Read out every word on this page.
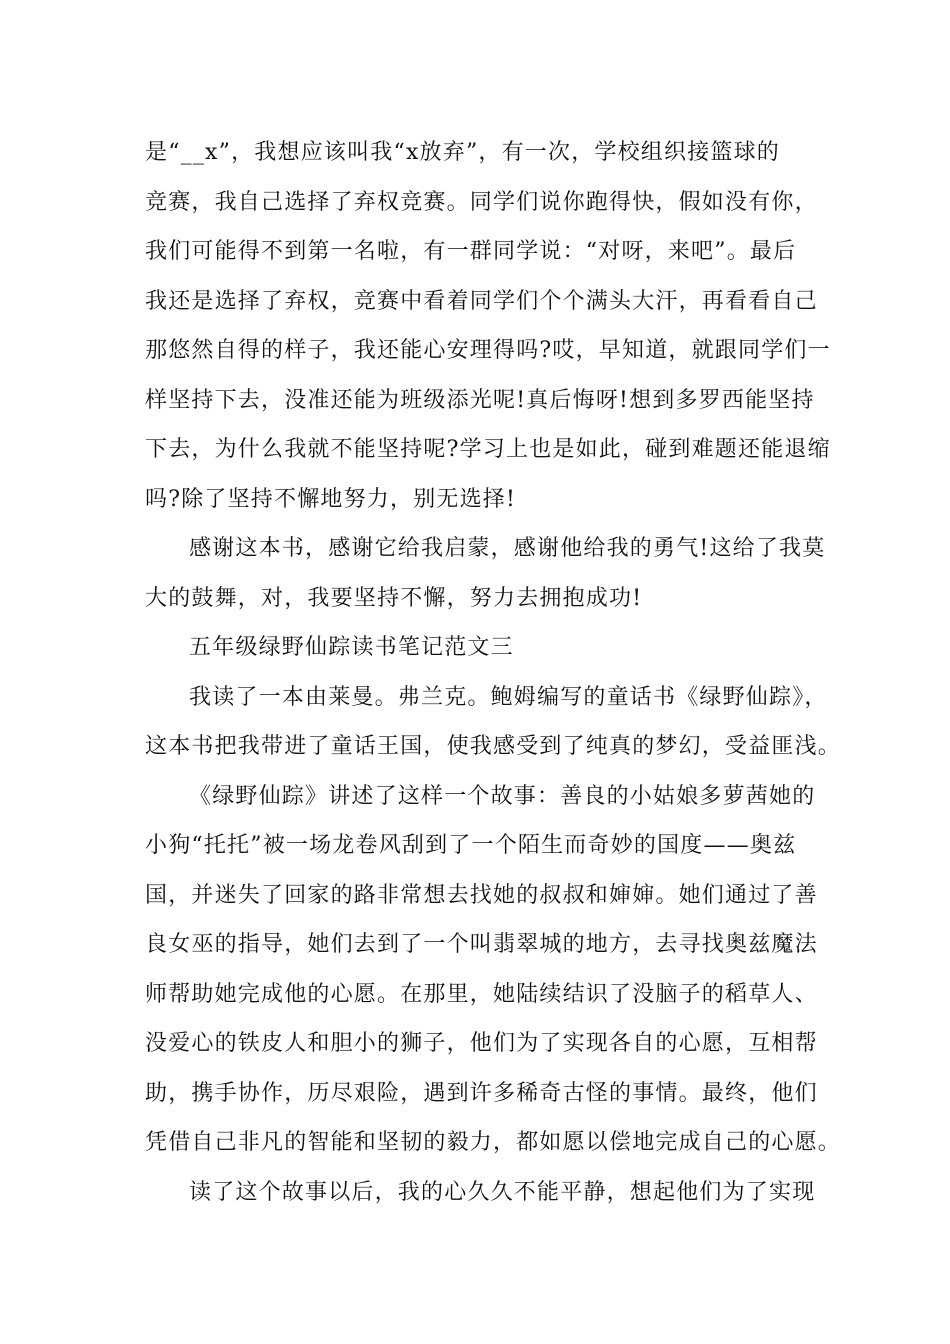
是“__x”，我想应该叫我“x放弃”，有一次，学校组织接篮球的
竞赛，我自己选择了弃权竞赛。同学们说你跑得快，假如没有你，
我们可能得不到第一名啦，有一群同学说：“对呀，来吧”。最后
我还是选择了弃权，竞赛中看着同学们个个满头大汗，再看看自己
那悠然自得的样子，我还能心安理得吗?哎，早知道，就跟同学们一
样坚持下去，没准还能为班级添光呢!真后悔呀!想到多罗西能坚持
下去，为什么我就不能坚持呢?学习上也是如此，碰到难题还能退缩
吗?除了坚持不懈地努力，别无选择!
感谢这本书，感谢它给我启蒙，感谢他给我的勇气!这给了我莫
大的鼓舞，对，我要坚持不懈，努力去拥抱成功!
五年级绿野仙踪读书笔记范文三
我读了一本由莱曼。弗兰克。鲍姆编写的童话书《绿野仙踪》，
这本书把我带进了童话王国，使我感受到了纯真的梦幻，受益匪浅。
《绿野仙踪》讲述了这样一个故事：善良的小姑娘多萝茜她的
小狗“托托”被一场龙卷风刮到了一个陌生而奇妙的国度——奥兹
国，并迷失了回家的路非常想去找她的叔叔和婶婶。她们通过了善
良女巫的指导，她们去到了一个叫翡翠城的地方，去寻找奥兹魔法
师帮助她完成他的心愿。在那里，她陆续结识了没脑子的稻草人、
没爱心的铁皮人和胆小的狮子，他们为了实现各自的心愿，互相帮
助，携手协作，历尽艰险，遇到许多稀奇古怪的事情。最终，他们
凭借自己非凡的智能和坚韧的毅力，都如愿以偿地完成自己的心愿。
读了这个故事以后，我的心久久不能平静，想起他们为了实现
